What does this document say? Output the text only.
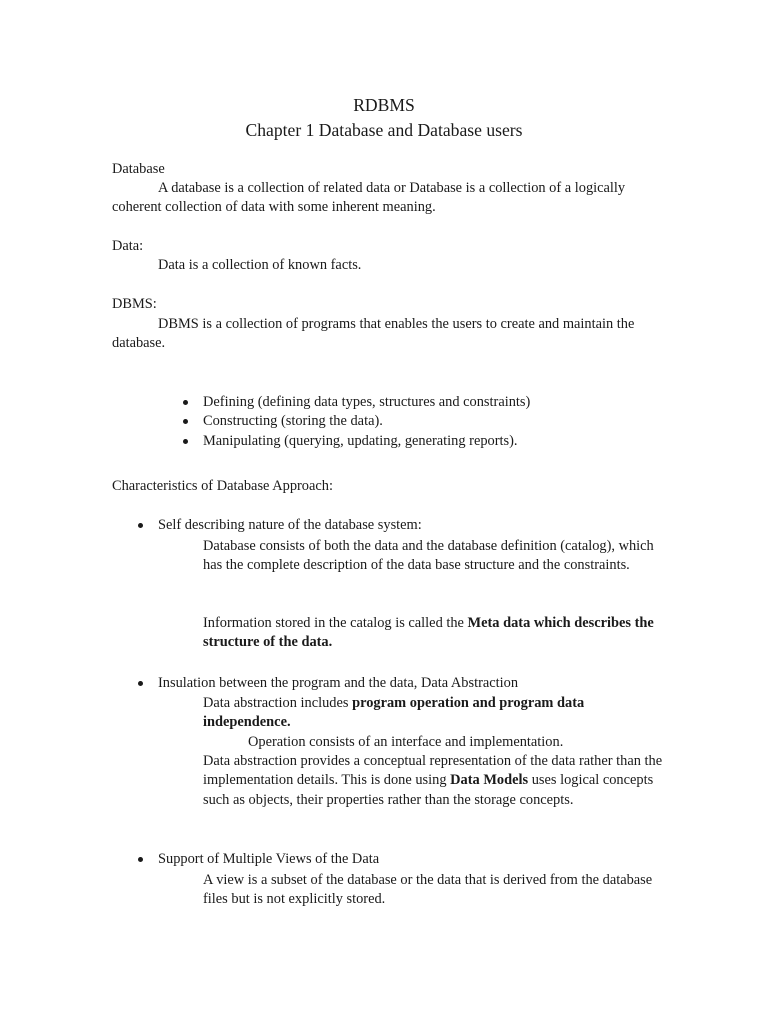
RDBMS
Chapter 1 Database and Database users
Database
A database is a collection of related data or Database is a collection of a logically coherent collection of data with some inherent meaning.
Data:
Data is a collection of known facts.
DBMS:
DBMS is a collection of programs that enables the users to create and maintain the database.
Defining (defining data types, structures and constraints)
Constructing (storing the data).
Manipulating (querying, updating, generating reports).
Characteristics of Database Approach:
Self describing nature of the database system:
Database consists of both the data and the database definition (catalog), which has the complete description of the data base structure and the constraints.
Information stored in the catalog is called the Meta data which describes the structure of the data.
Insulation between the program and the data, Data Abstraction
Data abstraction includes program operation and program data independence.
Operation consists of an interface and implementation.
Data abstraction provides a conceptual representation of the data rather than the implementation details. This is done using Data Models uses logical concepts such as objects, their properties rather than the storage concepts.
Support of Multiple Views of the Data
A view is a subset of the database or the data that is derived from the database files but is not explicitly stored.
